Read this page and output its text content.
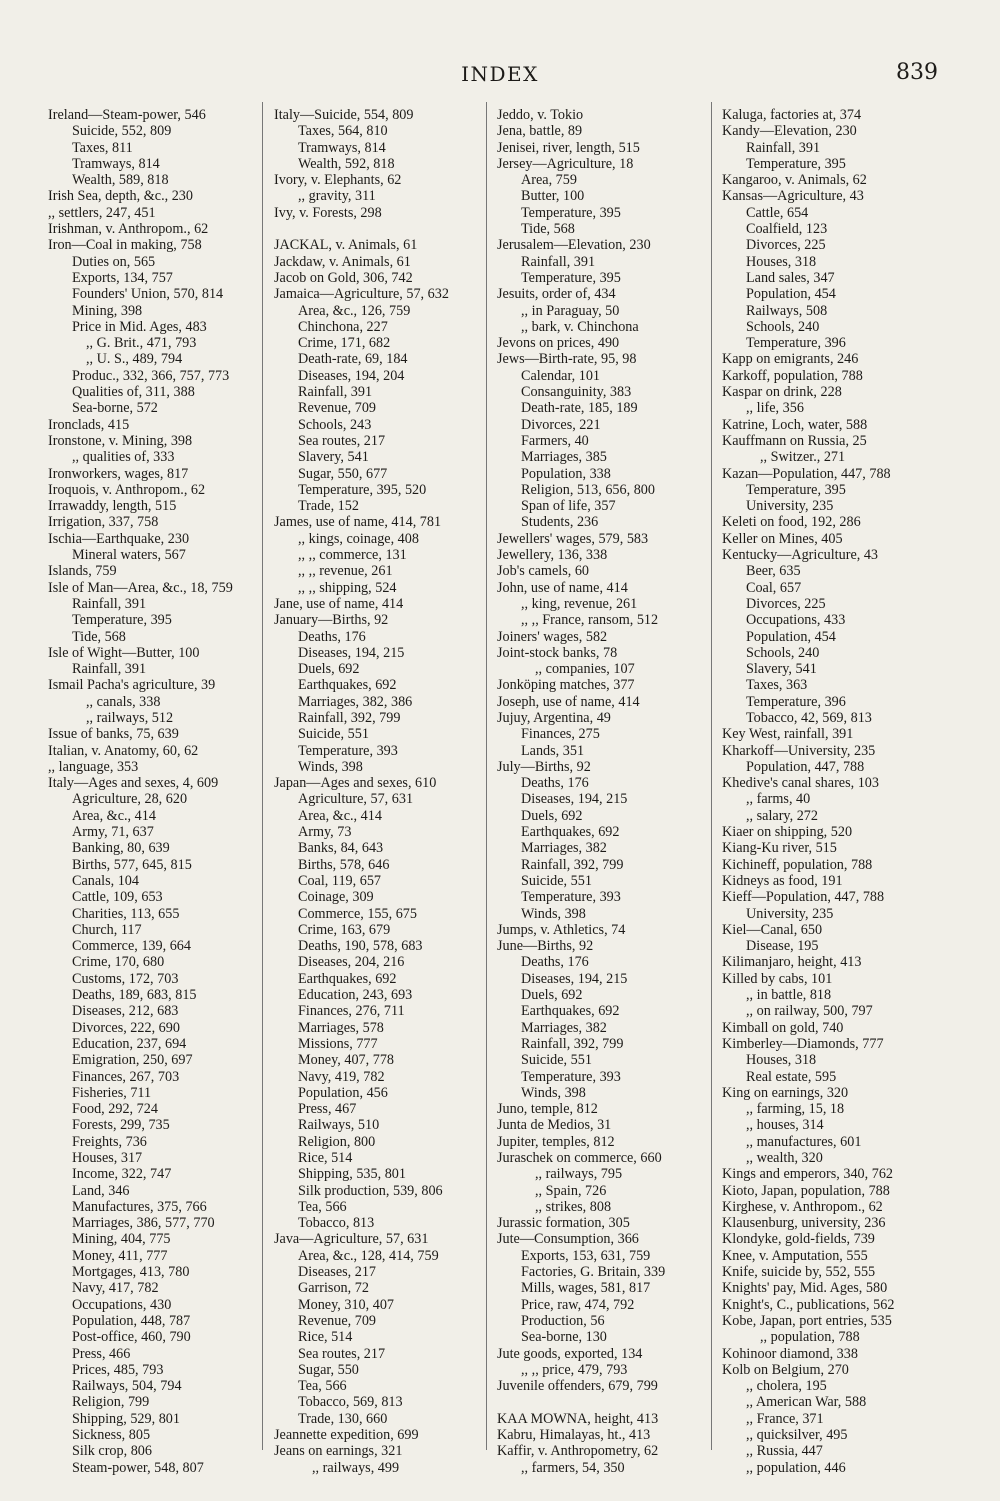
INDEX	839
Ireland—Steam-power, 546
Suicide, 552, 809
Taxes, 811
Tramways, 814
Wealth, 589, 818
Irish Sea, depth, &c., 230
,, settlers, 247, 451
Irishman, v. Anthropom., 62
Iron—Coal in making, 758
Duties on, 565
Exports, 134, 757
Founders' Union, 570, 814
Mining, 398
Price in Mid. Ages, 483
,, G. Brit., 471, 793
,, U. S., 489, 794
Produc., 332, 366, 757, 773
Qualities of, 311, 388
Sea-borne, 572
Ironclads, 415
Ironstone, v. Mining, 398
,, qualities of, 333
Ironworkers, wages, 817
Iroquois, v. Anthropom., 62
Irrawaddy, length, 515
Irrigation, 337, 758
Ischia—Earthquake, 230
Mineral waters, 567
Islands, 759
Isle of Man—Area, &c., 18, 759
Rainfall, 391
Temperature, 395
Tide, 568
Isle of Wight—Butter, 100
Rainfall, 391
Ismail Pacha's agriculture, 39
,, canals, 338
,, railways, 512
Issue of banks, 75, 639
Italian, v. Anatomy, 60, 62
,, language, 353
Italy—Ages and sexes, 4, 609
Agriculture, 28, 620
Area, &c., 414
Army, 71, 637
Banking, 80, 639
Births, 577, 645, 815
Canals, 104
Cattle, 109, 653
Charities, 113, 655
Church, 117
Commerce, 139, 664
Crime, 170, 680
Customs, 172, 703
Deaths, 189, 683, 815
Diseases, 212, 683
Divorces, 222, 690
Education, 237, 694
Emigration, 250, 697
Finances, 267, 703
Fisheries, 711
Food, 292, 724
Forests, 299, 735
Freights, 736
Houses, 317
Income, 322, 747
Land, 346
Manufactures, 375, 766
Marriages, 386, 577, 770
Mining, 404, 775
Money, 411, 777
Mortgages, 413, 780
Navy, 417, 782
Occupations, 430
Population, 448, 787
Post-office, 460, 790
Press, 466
Prices, 485, 793
Railways, 504, 794
Religion, 799
Shipping, 529, 801
Sickness, 805
Silk crop, 806
Steam-power, 548, 807
Italy—Suicide, 554, 809
Taxes, 564, 810
Tramways, 814
Wealth, 592, 818
Ivory, v. Elephants, 62
,, gravity, 311
Ivy, v. Forests, 298
JACKAL, v. Animals, 61
Jackdaw, v. Animals, 61
Jacob on Gold, 306, 742
Jamaica—Agriculture, 57, 632
Area, &c., 126, 759
Chinchona, 227
Crime, 171, 682
Death-rate, 69, 184
Diseases, 194, 204
Rainfall, 391
Revenue, 709
Schools, 243
Sea routes, 217
Slavery, 541
Sugar, 550, 677
Temperature, 395, 520
Trade, 152
James, use of name, 414, 781
,, kings, coinage, 408
,, ,, commerce, 131
,, ,, revenue, 261
,, ,, shipping, 524
Jane, use of name, 414
January—Births, 92
Deaths, 176
Diseases, 194, 215
Duels, 692
Earthquakes, 692
Marriages, 382, 386
Rainfall, 392, 799
Suicide, 551
Temperature, 393
Winds, 398
Japan—Ages and sexes, 610
Agriculture, 57, 631
Area, &c., 414
Army, 73
Banks, 84, 643
Births, 578, 646
Coal, 119, 657
Coinage, 309
Commerce, 155, 675
Crime, 163, 679
Deaths, 190, 578, 683
Diseases, 204, 216
Earthquakes, 692
Education, 243, 693
Finances, 276, 711
Marriages, 578
Missions, 777
Money, 407, 778
Navy, 419, 782
Population, 456
Press, 467
Railways, 510
Religion, 800
Rice, 514
Shipping, 535, 801
Silk production, 539, 806
Tea, 566
Tobacco, 813
Java—Agriculture, 57, 631
Area, &c., 128, 414, 759
Diseases, 217
Garrison, 72
Money, 310, 407
Revenue, 709
Rice, 514
Sea routes, 217
Sugar, 550
Tea, 566
Tobacco, 569, 813
Trade, 130, 660
Jeannette expedition, 699
Jeans on earnings, 321
,, railways, 499
Jeddo, v. Tokio
Jena, battle, 89
Jenisei, river, length, 515
Jersey—Agriculture, 18
Area, 759
Butter, 100
Temperature, 395
Tide, 568
Jerusalem—Elevation, 230
Rainfall, 391
Temperature, 395
Jesuits, order of, 434
,, in Paraguay, 50
,, bark, v. Chinchona
Jevons on prices, 490
Jews—Birth-rate, 95, 98
Calendar, 101
Consanguinity, 383
Death-rate, 185, 189
Divorces, 221
Farmers, 40
Marriages, 385
Population, 338
Religion, 513, 656, 800
Span of life, 357
Students, 236
Jewellers' wages, 579, 583
Jewellery, 136, 338
Job's camels, 60
John, use of name, 414
,, king, revenue, 261
,, ,, France, ransom, 512
Joiners' wages, 582
Joint-stock banks, 78
,, companies, 107
Jonköping matches, 377
Joseph, use of name, 414
Jujuy, Argentina, 49
Finances, 275
Lands, 351
July—Births, 92
Deaths, 176
Diseases, 194, 215
Duels, 692
Earthquakes, 692
Marriages, 382
Rainfall, 392, 799
Suicide, 551
Temperature, 393
Winds, 398
Jumps, v. Athletics, 74
June—Births, 92
Deaths, 176
Diseases, 194, 215
Duels, 692
Earthquakes, 692
Marriages, 382
Rainfall, 392, 799
Suicide, 551
Temperature, 393
Winds, 398
Juno, temple, 812
Junta de Medios, 31
Jupiter, temples, 812
Juraschek on commerce, 660
,, railways, 795
,, Spain, 726
,, strikes, 808
Jurassic formation, 305
Jute—Consumption, 366
Exports, 153, 631, 759
Factories, G. Britain, 339
Mills, wages, 581, 817
Price, raw, 474, 792
Production, 56
Sea-borne, 130
Jute goods, exported, 134
,, ,, price, 479, 793
Juvenile offenders, 679, 799
KAA MOWNA, height, 413
Kabru, Himalayas, ht., 413
Kaffir, v. Anthropometry, 62
,, farmers, 54, 350
Kaluga, factories at, 374
Kandy—Elevation, 230
Rainfall, 391
Temperature, 395
Kangaroo, v. Animals, 62
Kansas—Agriculture, 43
Cattle, 654
Coalfield, 123
Divorces, 225
Houses, 318
Land sales, 347
Population, 454
Railways, 508
Schools, 240
Temperature, 396
Kapp on emigrants, 246
Karkoff, population, 788
Kaspar on drink, 228
,, life, 356
Katrine, Loch, water, 588
Kauffmann on Russia, 25
,, Switzer., 271
Kazan—Population, 447, 788
Temperature, 395
University, 235
Keleti on food, 192, 286
Keller on Mines, 405
Kentucky—Agriculture, 43
Beer, 635
Coal, 657
Divorces, 225
Occupations, 433
Population, 454
Schools, 240
Slavery, 541
Taxes, 363
Temperature, 396
Tobacco, 42, 569, 813
Key West, rainfall, 391
Kharkoff—University, 235
Population, 447, 788
Khedive's canal shares, 103
,, farms, 40
,, salary, 272
Kiaer on shipping, 520
Kiang-Ku river, 515
Kichineff, population, 788
Kidneys as food, 191
Kieff—Population, 447, 788
University, 235
Kiel—Canal, 650
Disease, 195
Kilimanjaro, height, 413
Killed by cabs, 101
,, in battle, 818
,, on railway, 500, 797
Kimball on gold, 740
Kimberley—Diamonds, 777
Houses, 318
Real estate, 595
King on earnings, 320
,, farming, 15, 18
,, houses, 314
,, manufactures, 601
,, wealth, 320
Kings and emperors, 340, 762
Kioto, Japan, population, 788
Kirghese, v. Anthropom., 62
Klausenburg, university, 236
Klondyke, gold-fields, 739
Knee, v. Amputation, 555
Knife, suicide by, 552, 555
Knights' pay, Mid. Ages, 580
Knight's, C., publications, 562
Kobe, Japan, port entries, 535
,, population, 788
Kohinoor diamond, 338
Kolb on Belgium, 270
,, cholera, 195
,, American War, 588
,, France, 371
,, quicksilver, 495
,, Russia, 447
,, population, 446
